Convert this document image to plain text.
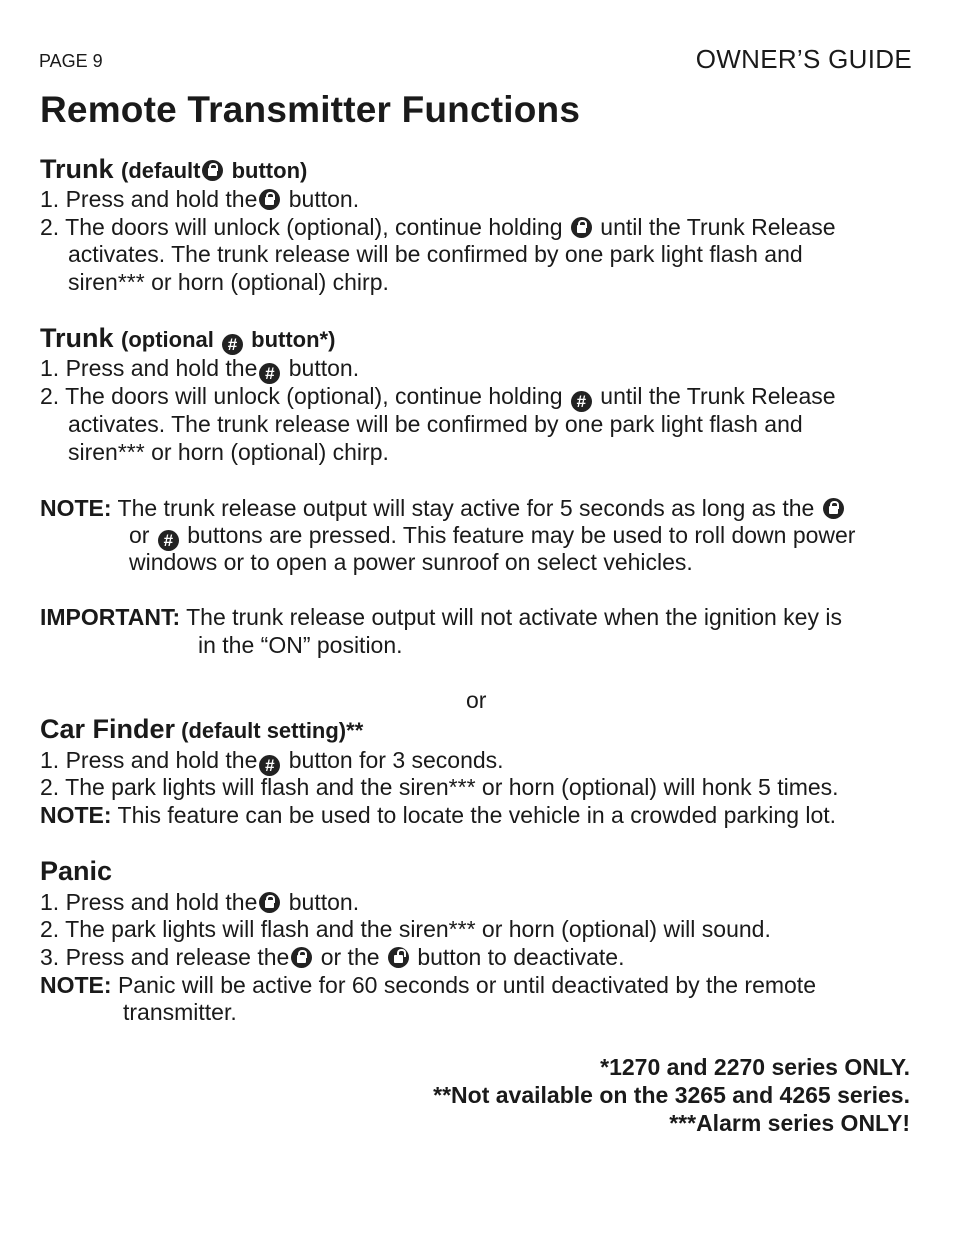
PAGE 9	OWNER’S GUIDE
Remote Transmitter Functions
Trunk (default button)
1. Press and hold the button.
2. The doors will unlock (optional), continue holding  until the Trunk Release
activates. The trunk release will be confirmed by one park light flash and
siren*** or horn (optional) chirp.
Trunk (optional # button*)
1. Press and hold the # button.
2. The doors will unlock (optional), continue holding # until the Trunk Release
activates. The trunk release will be confirmed by one park light flash and
siren*** or horn (optional) chirp.
NOTE: The trunk release output will stay active for 5 seconds as long as the
or # buttons are pressed. This feature may be used to roll down power
windows or to open a power sunroof on select vehicles.
IMPORTANT: The trunk release output will not activate when the ignition key is
in the “ON” position.
or
Car Finder (default setting)**
1. Press and hold the # button for 3 seconds.
2. The park lights will flash and the siren*** or horn (optional) will honk 5 times.
NOTE: This feature can be used to locate the vehicle in a crowded parking lot.
Panic
1. Press and hold the button.
2. The park lights will flash and the siren*** or horn (optional) will sound.
3. Press and release the or the  button to deactivate.
NOTE: Panic will be active for 60 seconds or until deactivated by the remote
transmitter.
*1270 and 2270 series ONLY.
**Not available on the 3265 and 4265 series.
***Alarm series ONLY!
